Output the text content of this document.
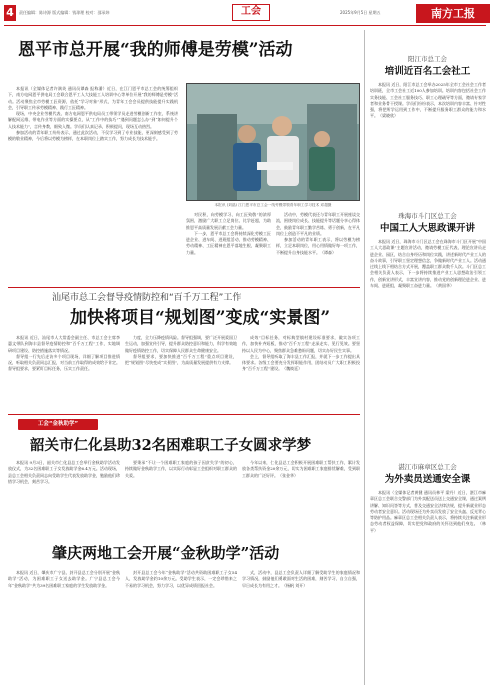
4	责任编辑：陈诗源 版式编辑：钱琼理 校对：邵承炜	工会	2025年9月5日 星期五	南方工报
恩平市总开展“我的师傅是劳模”活动
本报讯（全媒体记者许满英 通讯员谭森 报称潘）近日，在江门恩平市总工会的统筹组织下，南方电网恩平供电局工会联合恩平工人大技能工人培训中心等单位开展“我的师傅是劳模”活动。活动聚焦全市劳模工匠资源，依托“学习对象”形式，为青年工会会员提供技能提升实践机会，引导职工传承劳模精神、践行工匠精神。
现场，中央企业劳模代表、南方电网恩平供电局员工带领学员走进劳模创新工作室，系统讲解配网运维、带电作业等方面的实操要点，从“工作中的技巧”“遇到问题怎么办”到“如何提升个人技术能力”，言传身教，细致入微。学员们认真记录，积极提问，现场互动热烈。
参加活动的青年职工纷纷表示，通过此次活动，不仅学习到了专业技能，更深刻感受到了劳模的敬业精神，今后将以劳模为榜样，在本职岗位上踏实工作，努力成长为技术能手。
本报讯 (刘晶) 江门恩平市总工会一线劳模带领青年职工学习技术 邓超摄
对民积，向劳模学习、向工匠致敬”的浓厚氛围，激励广大职工立足岗位、比学赶超，为助推恩平高质量发展贡献工会力量。
下一步，恩平市总工会将持续深化劳模工匠进企业、进车间、进班组活动，推动劳模精神、劳动精神、工匠精神在恩平落地生根，凝聚职工力量。
活动中，劳模代表还与青年职工开展座谈交流，围绕岗位成长、技能提升等话题分享心得体会，鼓励青年职工勤学苦练、勇于创新，在平凡岗位上创造不平凡的业绩。
参加活动的青年职工表示，将以劳模为榜样，立足本职岗位，用心用情做好每一项工作，不断提升自身技能水平。（谭森）
汕尾市总工会督导疫情防控和“百千万工程”工作
加快将项目“规划图”变成“实景图”
本报讯 近日，汕尾市人大常委会副主任、市总工会主席李惠文带队到海丰县督导疫情防控和“百千万工程”工作，实地调研项目建设、防控措施落实等情况。
督导组一行先后走访多个项目现场，详细了解项目推进情况，听取相关负责同志汇报，对当前工作取得的成效给予肯定。督导组要求，要紧盯目标任务，压实工作责任。
力度，全力压降疫情风险。督导组强调，要广泛开展爱国卫生运动，加强宣传引导，提升群众防控意识和能力，科学有效地做好疫情防控工作，切实保障人民群众生命健康安全。
督导组要求，要加快推进“百千万工程”重点项目建设，把“规划图”尽快变成“实景图”，为高质量发展提供有力支撑。
成效”目标任务，对标典型镇村建设标准要求，做实各项工作，加快补齐短板，推动“百千万工程”走深走实、见行见效。要坚持以人民为中心，聚焦群众急难愁盼问题，切实办好民生实事。
会上，督导组听取了海丰县工作汇报，并就下一步工作提出具体要求。各级工会要充分发挥职能作用，团结动员广大职工积极投身“百千万工程”建设。（魏焕廷）
工会“金秋助学”
韶关市仁化县助32名困难职工子女圆求学梦
本报讯 9月3日，韶关市仁化县总工会举行金秋助学活动发放仪式，为32名困难职工子女发放助学金6.4万元。活动现场，县总工会相关负责同志向受助学生代表发放助学金，勉励他们珍惜学习机会，刻苦学习。
要秉承“不让一个困难职工家庭的孩子因贫失学”的初心，持续做好金秋助学工作，以实际行动彰显工会组织对职工群众的关爱。
今年以来，仁化县总工会积极开展困难职工帮扶工作，累计发放各类帮扶资金20余万元，切实为困难职工家庭排忧解难，受到职工群众的广泛好评。（张金华）
肇庆两地工会开展“金秋助学”活动
本报讯 近日，肇庆市广宁县、封开县总工会分别开展“金秋助学”活动，为困难职工子女送去助学金。广宁县总工会今年“金秋助学”共为39名困难职工家庭的学生发放助学金。
封开县总工会今年“金秋助学”活动共资助困难职工子女54人，发放助学金约10余万元。受助学生表示，一定会珍惜来之不易的学习机会，努力学习，以优异成绩回报社会。
式，活动中，县总工会负责人详细了解受助学生的家庭情况和学习情况，鼓励他们勇敢面对生活的困难，刻苦学习、自立自强，早日成长为有用之才。（杨帆 刘开）
阳江市总工会
培训近百名工会社工
本报讯 近日，阳江市总工会举办2025年全市工会社会工作者培训班，全市工会社工近100人参加培训。培训内容包括社会工作实务技能、工会社工服务技巧、职工心理疏导等方面，邀请专家学者和业务骨干授课。学员们纷纷表示，本次培训内容丰富、针对性强，将把所学运用到工作中，不断提升服务职工群众的能力和水平。（梁晓欣）
珠海市斗门区总工会
中国工人大思政课开讲
本报讯 近日，珠海市斗门区总工会在珠海市斗门区开展“中国工人大思政课”主题宣讲活动，邀请劳模工匠代表、理论宣讲员走进企业、园区，结合自身经历和岗位实践，讲述新时代产业工人的奋斗故事，引导职工坚定理想信念，争做新时代产业工人。活动通过线上线下相结合方式开展，覆盖职工群众数千人次。斗门区总工会相关负责人表示，下一步将持续推进产业工人思想政治引领工作，创新宣讲形式，丰富宣讲内容，推动党的创新理论进企业、进车间、进班组，凝聚职工奋进力量。（黄国华）
湛江市麻章区总工会
为外卖员送通安全课
本报讯（全媒体记者黄健 通讯员林平 梁丹）近日，湛江市麻章区总工会联合交警部门为外卖配送员送上交通安全课，通过案例讲解、知识问答等方式，普及交通安全法律法规，提升新就业形态劳动者安全意识。活动现场还为外卖员发放了安全头盔、反光背心等防护用品。麻章区总工会相关负责人表示，将持续关注新就业形态劳动者权益保障，切实把党和政府的关怀送到他们身边。（林平）
